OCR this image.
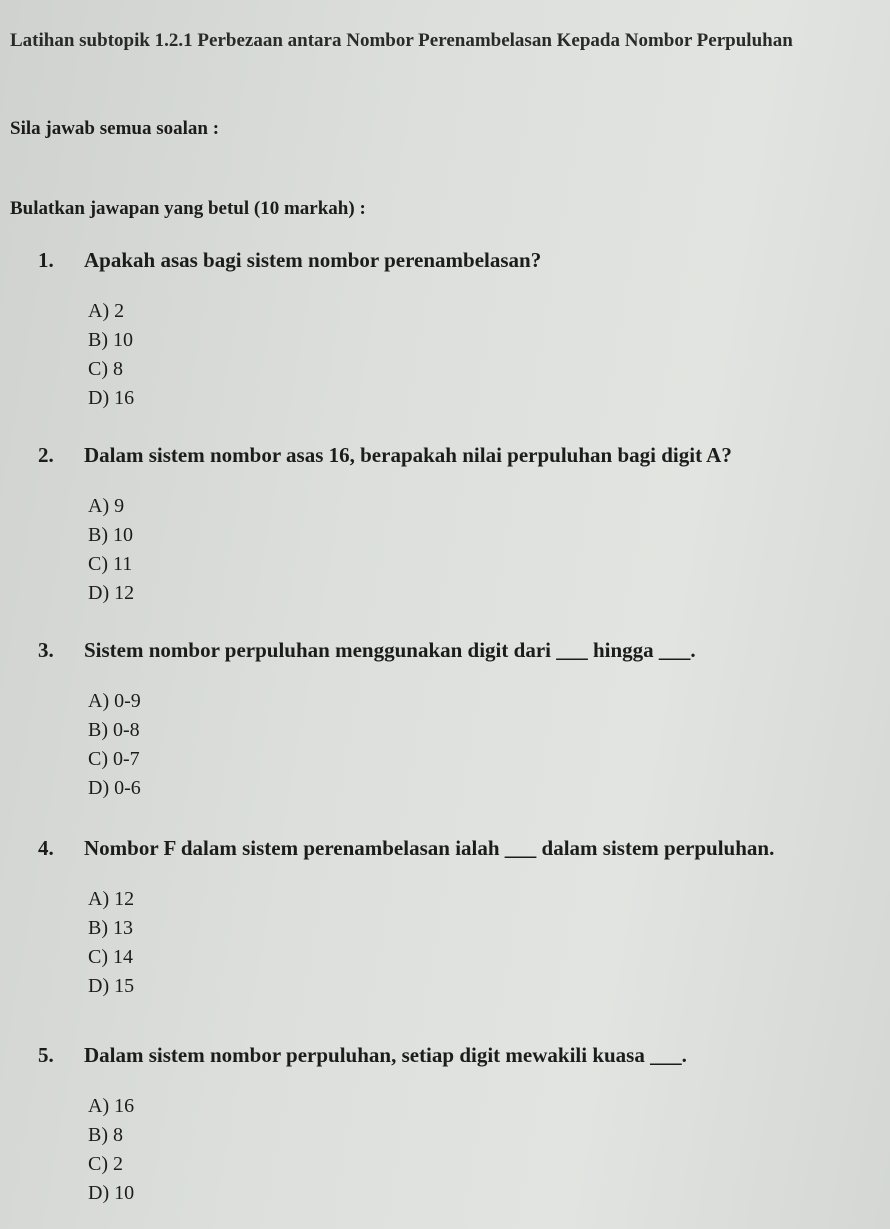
Latihan subtopik 1.2.1 Perbezaan antara Nombor Perenambelasan Kepada Nombor Perpuluhan
Sila jawab semua soalan :
Bulatkan jawapan yang betul (10 markah) :
1.	Apakah asas bagi sistem nombor perenambelasan?
A) 2
B) 10
C) 8
D) 16
2.	Dalam sistem nombor asas 16, berapakah nilai perpuluhan bagi digit A?
A) 9
B) 10
C) 11
D) 12
3.	Sistem nombor perpuluhan menggunakan digit dari ___ hingga ___.
A) 0-9
B) 0-8
C) 0-7
D) 0-6
4.	Nombor F dalam sistem perenambelasan ialah ___ dalam sistem perpuluhan.
A) 12
B) 13
C) 14
D) 15
5.	Dalam sistem nombor perpuluhan, setiap digit mewakili kuasa ___.
A) 16
B) 8
C) 2
D) 10
